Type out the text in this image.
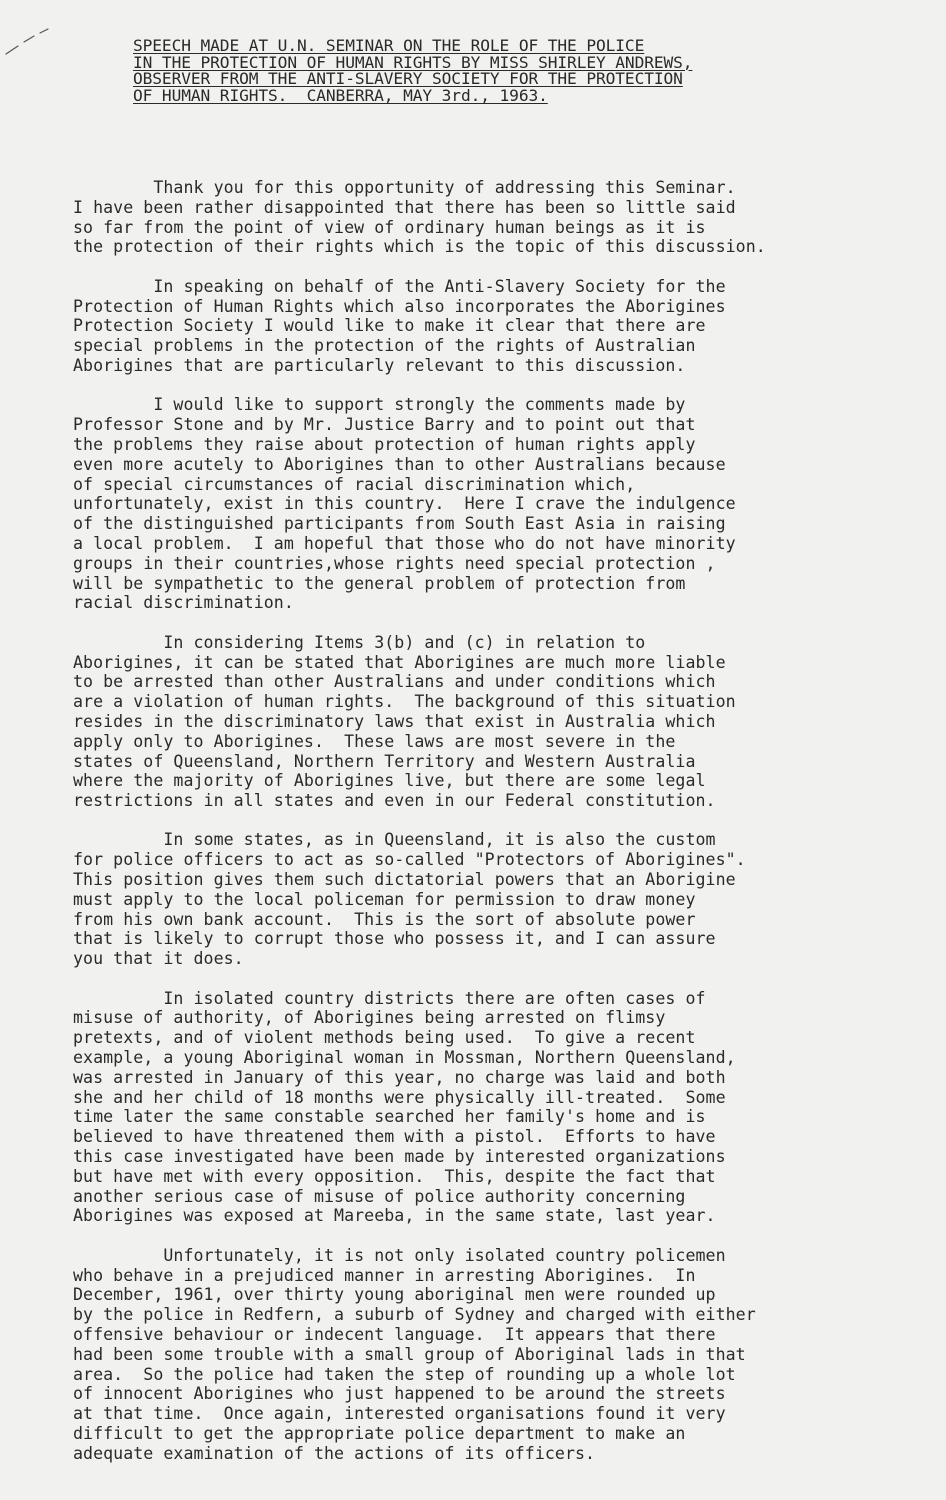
SPEECH MADE AT U.N. SEMINAR ON THE ROLE OF THE POLICE
IN THE PROTECTION OF HUMAN RIGHTS BY MISS SHIRLEY ANDREWS,
OBSERVER FROM THE ANTI-SLAVERY SOCIETY FOR THE PROTECTION
OF HUMAN RIGHTS.  CANBERRA, MAY 3rd., 1963.
Thank you for this opportunity of addressing this Seminar.
I have been rather disappointed that there has been so little said
so far from the point of view of ordinary human beings as it is
the protection of their rights which is the topic of this discussion.
In speaking on behalf of the Anti-Slavery Society for the
Protection of Human Rights which also incorporates the Aborigines
Protection Society I would like to make it clear that there are
special problems in the protection of the rights of Australian
Aborigines that are particularly relevant to this discussion.
I would like to support strongly the comments made by
Professor Stone and by Mr. Justice Barry and to point out that
the problems they raise about protection of human rights apply
even more acutely to Aborigines than to other Australians because
of special circumstances of racial discrimination which,
unfortunately, exist in this country.  Here I crave the indulgence
of the distinguished participants from South East Asia in raising
a local problem.  I am hopeful that those who do not have minority
groups in their countries,whose rights need special protection ,
will be sympathetic to the general problem of protection from
racial discrimination.
In considering Items 3(b) and (c) in relation to
Aborigines, it can be stated that Aborigines are much more liable
to be arrested than other Australians and under conditions which
are a violation of human rights.  The background of this situation
resides in the discriminatory laws that exist in Australia which
apply only to Aborigines.  These laws are most severe in the
states of Queensland, Northern Territory and Western Australia
where the majority of Aborigines live, but there are some legal
restrictions in all states and even in our Federal constitution.
In some states, as in Queensland, it is also the custom
for police officers to act as so-called "Protectors of Aborigines".
This position gives them such dictatorial powers that an Aborigine
must apply to the local policeman for permission to draw money
from his own bank account.  This is the sort of absolute power
that is likely to corrupt those who possess it, and I can assure
you that it does.
In isolated country districts there are often cases of
misuse of authority, of Aborigines being arrested on flimsy
pretexts, and of violent methods being used.  To give a recent
example, a young Aboriginal woman in Mossman, Northern Queensland,
was arrested in January of this year, no charge was laid and both
she and her child of 18 months were physically ill-treated.  Some
time later the same constable searched her family's home and is
believed to have threatened them with a pistol.  Efforts to have
this case investigated have been made by interested organizations
but have met with every opposition.  This, despite the fact that
another serious case of misuse of police authority concerning
Aborigines was exposed at Mareeba, in the same state, last year.
Unfortunately, it is not only isolated country policemen
who behave in a prejudiced manner in arresting Aborigines.  In
December, 1961, over thirty young aboriginal men were rounded up
by the police in Redfern, a suburb of Sydney and charged with either
offensive behaviour or indecent language.  It appears that there
had been some trouble with a small group of Aboriginal lads in that
area.  So the police had taken the step of rounding up a whole lot
of innocent Aborigines who just happened to be around the streets
at that time.  Once again, interested organisations found it very
difficult to get the appropriate police department to make an
adequate examination of the actions of its officers.
